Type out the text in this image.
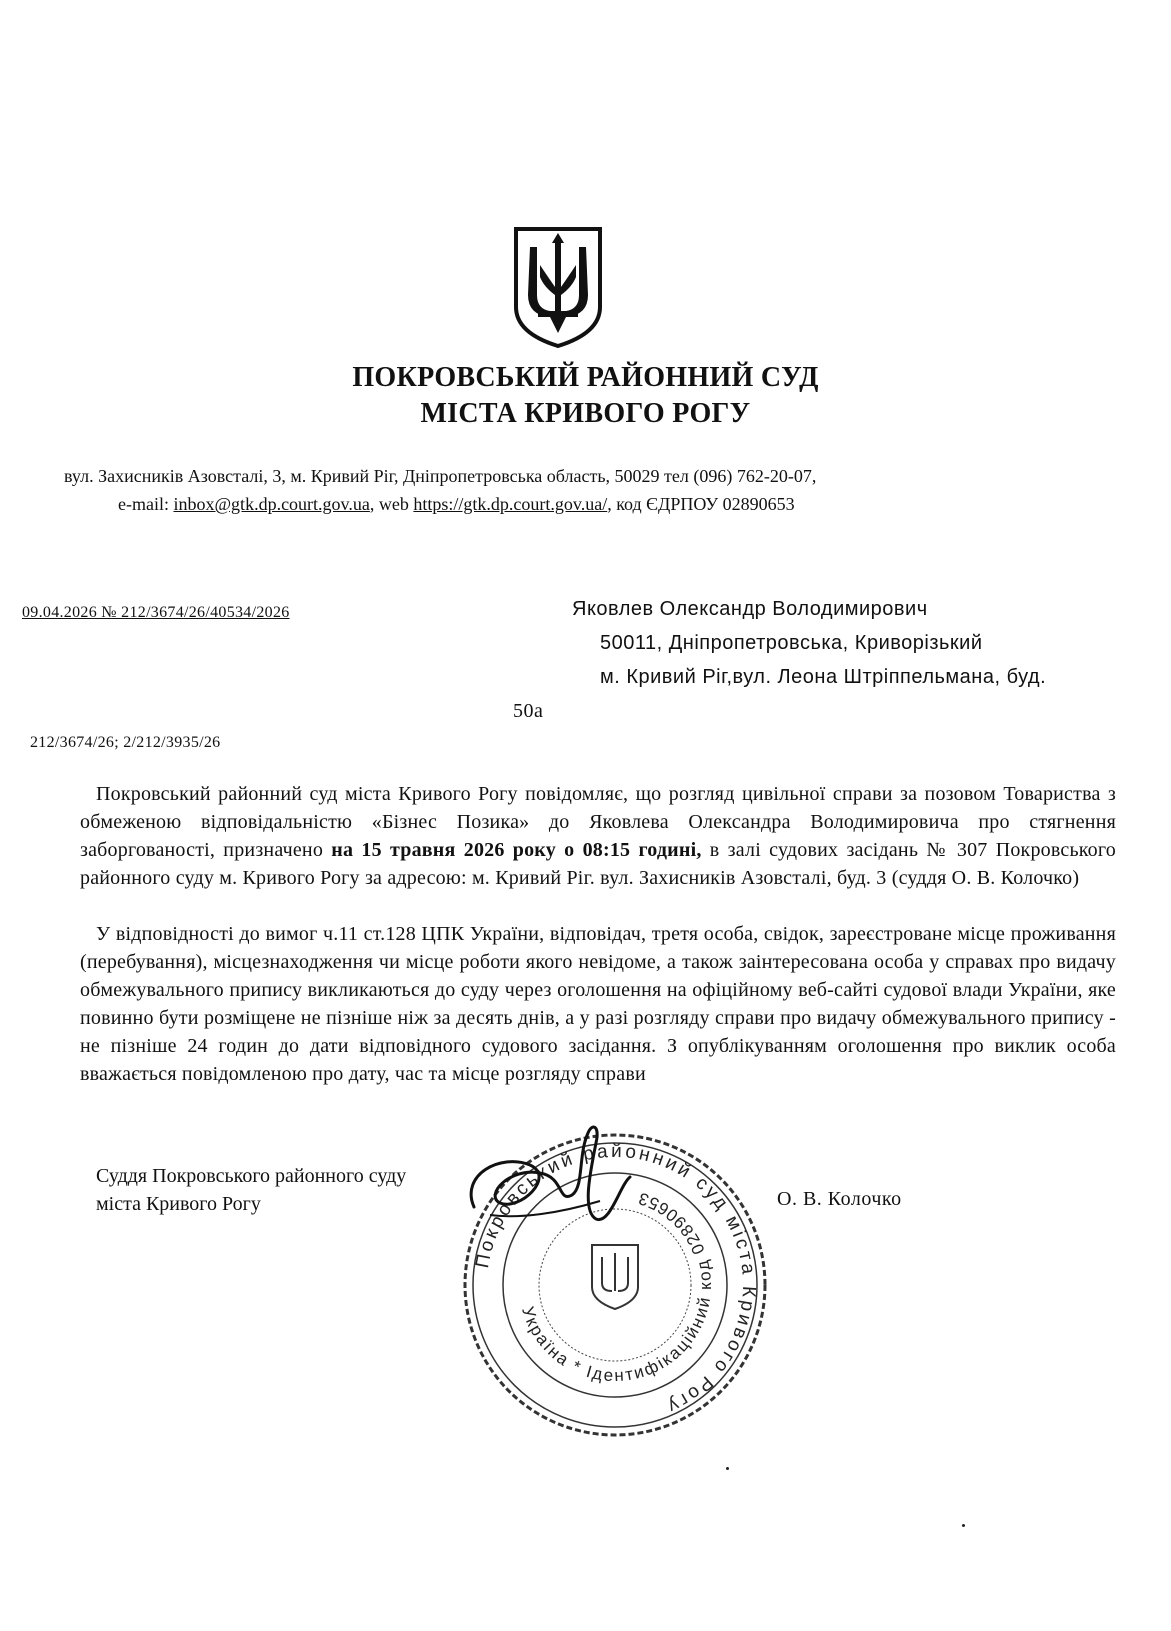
ПОКРОВСЬКИЙ РАЙОННИЙ СУД
МІСТА КРИВОГО РОГУ
вул. Захисників Азовсталі, 3, м. Кривий Ріг, Дніпропетровська область, 50029 тел (096) 762-20-07,
e-mail: inbox@gtk.dp.court.gov.ua, web https://gtk.dp.court.gov.ua/, код ЄДРПОУ 02890653
09.04.2026 № 212/3674/26/40534/2026	Яковлев Олександр Володимирович
50011, Дніпропетровська, Криворізький
м. Кривий Ріг,вул. Леона Штріппельмана, буд.
50а
212/3674/26; 2/212/3935/26
Покровський районний суд міста Кривого Рогу повідомляє, що розгляд цивільної справи за позовом Товариства з обмеженою відповідальністю «Бізнес Позика» до Яковлева Олександра Володимировича про стягнення заборгованості, призначено на 15 травня 2026 року о 08:15 годині, в залі судових засідань № 307 Покровського районного суду м. Кривого Рогу за адресою: м. Кривий Ріг. вул. Захисників Азовсталі, буд. 3 (суддя О. В. Колочко)
У відповідності до вимог ч.11 ст.128 ЦПК України, відповідач, третя особа, свідок, зареєстроване місце проживання (перебування), місцезнаходження чи місце роботи якого невідоме, а також заінтересована особа у справах про видачу обмежувального припису викликаються до суду через оголошення на офіційному веб-сайті судової влади України, яке повинно бути розміщене не пізніше ніж за десять днів, а у разі розгляду справи про видачу обмежувального припису - не пізніше 24 годин до дати відповідного судового засідання. З опублікуванням оголошення про виклик особа вважається повідомленою про дату, час та місце розгляду справи
Суддя Покровського районного суду
міста Кривого Рогу	О. В. Колочко
Покровський районний суд міста Кривого Рогу
Україна * Ідентифікаційний код 02890653
